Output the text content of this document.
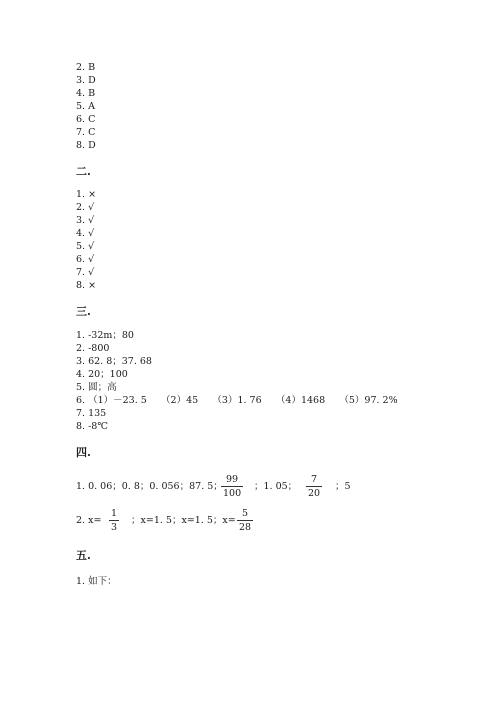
2. B
3. D
4. B
5. A
6. C
7. C
8. D
二.
1. ×
2. √
3. √
4. √
5. √
6. √
7. √
8. ×
三.
1. -32m；80
2. -800
3. 62. 8；37. 68
4. 20；100
5. 圆；高
6. （1）－23. 5　　（2）45　　（3）1. 76　　（4）1468　　（5）97. 2%
7. 135
8. -8℃
四.
1. 0. 06；0. 8；0. 056；87. 5；
99
100
；1. 05；
7
20
；5
2. x=
1
3
；x=1. 5；x=1. 5；x=
5
28
五.
1. 如下：
